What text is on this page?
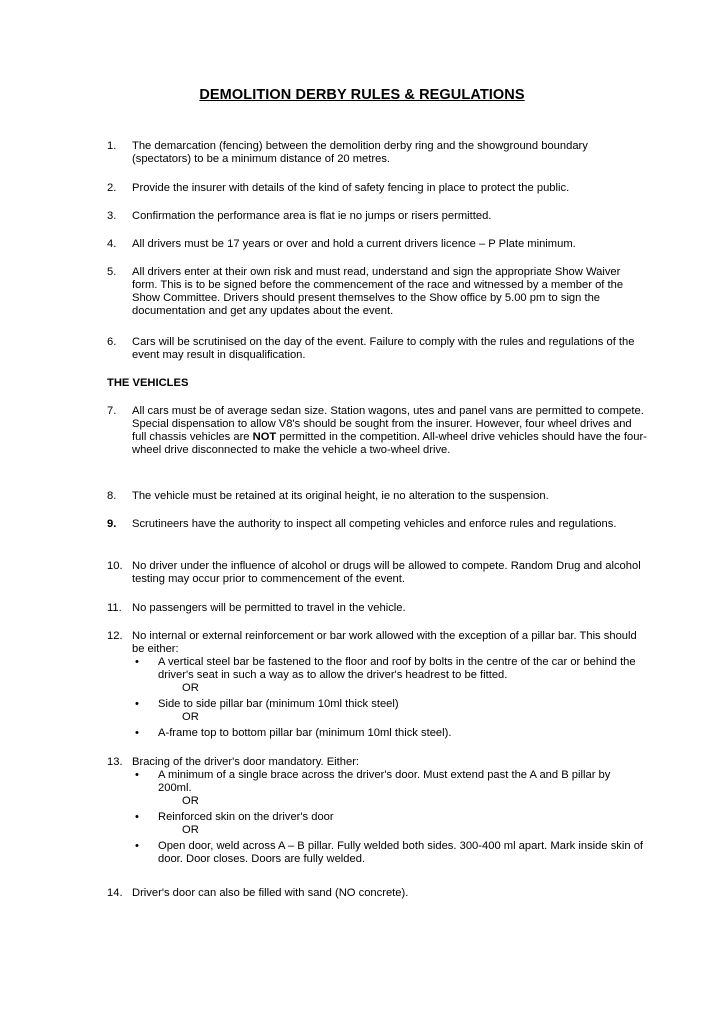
DEMOLITION DERBY RULES & REGULATIONS
1.	The demarcation (fencing) between the demolition derby ring and the showground boundary (spectators) to be a minimum distance of 20 metres.
2.	Provide the insurer with details of the kind of safety fencing in place to protect the public.
3.	Confirmation the performance area is flat ie no jumps or risers permitted.
4.	All drivers must be 17 years or over and hold a current drivers licence – P Plate minimum.
5.	All drivers enter at their own risk and must read, understand and sign the appropriate Show Waiver form. This is to be signed before the commencement of the race and witnessed by a member of the Show Committee. Drivers should present themselves to the Show office by 5.00 pm to sign the documentation and get any updates about the event.
6.	Cars will be scrutinised on the day of the event. Failure to comply with the rules and regulations of the event may result in disqualification.
THE VEHICLES
7.	All cars must be of average sedan size. Station wagons, utes and panel vans are permitted to compete. Special dispensation to allow V8's should be sought from the insurer. However, four wheel drives and full chassis vehicles are NOT permitted in the competition. All-wheel drive vehicles should have the four-wheel drive disconnected to make the vehicle a two-wheel drive.
8.	The vehicle must be retained at its original height, ie no alteration to the suspension.
9.	Scrutineers have the authority to inspect all competing vehicles and enforce rules and regulations.
10. No driver under the influence of alcohol or drugs will be allowed to compete. Random Drug and alcohol testing may occur prior to commencement of the event.
11. No passengers will be permitted to travel in the vehicle.
12. No internal or external reinforcement or bar work allowed with the exception of a pillar bar. This should be either:
• A vertical steel bar be fastened to the floor and roof by bolts in the centre of the car or behind the driver's seat in such a way as to allow the driver's headrest to be fitted.
OR
• Side to side pillar bar (minimum 10ml thick steel)
OR
• A-frame top to bottom pillar bar (minimum 10ml thick steel).
13. Bracing of the driver's door mandatory. Either:
• A minimum of a single brace across the driver's door. Must extend past the A and B pillar by 200ml.
OR
• Reinforced skin on the driver's door
OR
• Open door, weld across A – B pillar. Fully welded both sides. 300-400 ml apart. Mark inside skin of door. Door closes. Doors are fully welded.
14. Driver's door can also be filled with sand (NO concrete).
